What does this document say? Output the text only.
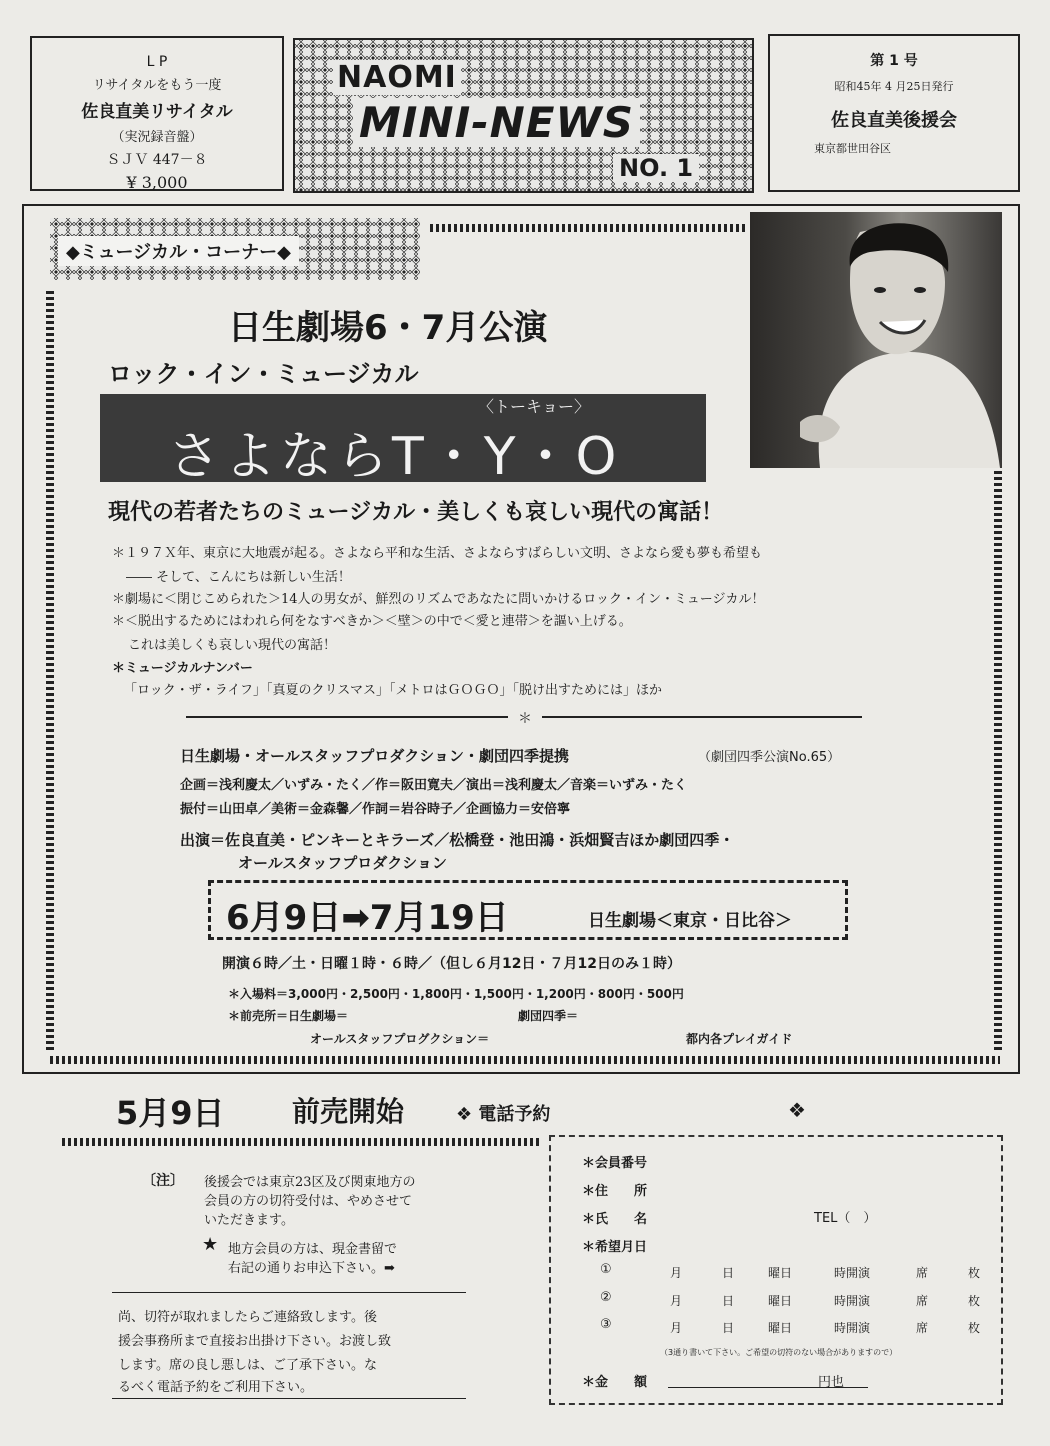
L P
リサイタルをもう一度
佐良直美リサイタル
（実況録音盤）
ＳＪＶ 447－８
¥ 3,000
NAOMI
MINI-NEWS
NO. 1
第 1 号
昭和45年 4 月25日発行
佐良直美後援会
東京都世田谷区
◆ミュージカル・コーナー◆
日生劇場6・7月公演
ロック・イン・ミュージカル
〈トーキョー〉
さよならT・Y・O
現代の若者たちのミュージカル・美しくも哀しい現代の寓話！
＊１９７Ｘ年、東京に大地震が起る。さよなら平和な生活、さよならすばらしい文明、さよなら愛も夢も希望も
―― そして、こんにちは新しい生活！
＊劇場に＜閉じこめられた＞14人の男女が、鮮烈のリズムであなたに問いかけるロック・イン・ミュージカル！
＊＜脱出するためにはわれら何をなすべきか＞＜壁＞の中で＜愛と連帯＞を謳い上げる。
これは美しくも哀しい現代の寓話！
＊ミュージカルナンバー
「ロック・ザ・ライフ」「真夏のクリスマス」「メトロはＧＯＧＯ」「脱け出すためには」ほか
＊
日生劇場・オールスタッフプロダクション・劇団四季提携	（劇団四季公演No.65）
企画＝浅利慶太／いずみ・たく／作＝阪田寛夫／演出＝浅利慶太／音楽＝いずみ・たく
振付＝山田卓／美術＝金森馨／作詞＝岩谷時子／企画協力＝安倍寧
出演＝佐良直美・ピンキーとキラーズ／松橋登・池田鴻・浜畑賢吉ほか劇団四季・
オールスタッフプロダクション
6月9日➡7月19日	日生劇場＜東京・日比谷＞
開演６時／土・日曜１時・６時／（但し６月12日・７月12日のみ１時）
＊入場料＝3,000円・2,500円・1,800円・1,500円・1,200円・800円・500円
＊前売所＝日生劇場＝	劇団四季＝
オールスタッフプログクション＝	都内各プレイガイド
5月9日 前売開始	❖ 電話予約	❖
〔注〕 後援会では東京23区及び関東地方の
会員の方の切符受付は、やめさせて
いただきます。
★ 地方会員の方は、現金書留で
右記の通りお申込下さい。➡
尚、切符が取れましたらご連絡致します。後
援会事務所まで直接お出掛け下さい。お渡し致
します。席の良し悪しは、ご了承下さい。な
るべく電話予約をご利用下さい。
＊会員番号
＊住　　所
＊氏　　名	TEL（　）
＊希望月日
①	月	日	曜日	時開演	席	枚
②	月	日	曜日	時開演	席	枚
③	月	日	曜日	時開演	席	枚
（3通り書いて下さい。ご希望の切符のない場合がありますので）
＊金　　額	円也
